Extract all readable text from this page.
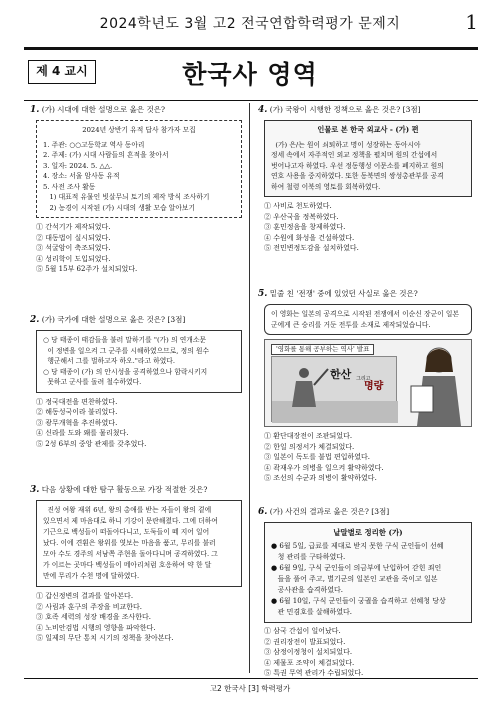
2024학년도 3월 고2 전국연합학력평가 문제지	1
제 4 교시	한국사 영역
1. (가) 시대에 대한 설명으로 옳은 것은?
2024년 상반기 유적 답사 참가자 모집
1. 주관: ○○고등학교 역사 동아리
2. 주제: (가) 시대 사람들의 흔적을 찾아서
3. 일자: 2024. 5. △△.
4. 장소: 서울 암사동 유적
5. 사전 조사 활동
1) 대표적 유물인 빗살무늬 토기의 제작 방식 조사하기
2) 농경이 시작된 (가) 시대의 생활 모습 알아보기
① 간석기가 제작되었다.
② 대동법이 실시되었다.
③ 석굴암이 축조되었다.
④ 성리학이 도입되었다.
⑤ 5월 15부 62주가 설치되었다.
2. (가) 국가에 대한 설명으로 옳은 것은? [3점]
○ 당 태종이 태감들을 불러 말하기를 "(가) 의 연개소문
이 정변을 일으켜 그 군주를 시해하였으므로, 정의 원수
행군해서 그를 벌하고자 하오."라고 하였다.
○ 당 태종이 (가) 의 안시성을 공격하였으나 함락시키지
못하고 군사를 돌려 철수하였다.
① 정국대전을 편찬하였다.
② 해동성국이라 불리었다.
③ 광무개혁을 추진하였다.
④ 신라를 도와 왜를 물리쳤다.
⑤ 2성 6부의 중앙 관제를 갖추었다.
3. 다음 상황에 대한 탐구 활동으로 가장 적절한 것은?
진성 여왕 재위 6년, 왕의 총애를 받는 자들이 왕의 곁에
있으면서 제 마음대로 하니 기강이 문란해졌다. 그에 더하여
기근으로 백성들이 떠돌아다니고, 도둑들이 떼 지어 일어
났다. 이에 견훤은 왕위를 엿보는 마음을 품고, 무리를 불러
모아 수도 경주의 서남쪽 주현을 돌아다니며 공격하였다. 그
가 이르는 곳마다 백성들이 메아리처럼 호응하여 약 한 달
만에 무리가 수천 명에 달하였다.
① 갑신정변의 결과를 알아본다.
② 사림과 훈구의 주장을 비교한다.
③ 호족 세력의 성장 배경을 조사한다.
④ 노비안검법 시행의 영향을 파악한다.
⑤ 일제의 무단 통치 시기의 정책을 찾아본다.
4. (가) 국왕이 시행한 정책으로 옳은 것은? [3점]
인물로 본 한국 외교사 - (가) 편
(가) 은/는 원이 쇠퇴하고 명이 성장하는 동아시아
정세 속에서 자주적인 외교 정책을 펼치며 원의 간섭에서
벗어나고자 하였다. 우선 정동행성 이문소를 폐지하고 원의
연호 사용을 중지하였다. 또한 동북면의 쌍성총관부를 공격
하여 철령 이북의 영토를 회복하였다.
① 사비로 천도하였다.
② 우산국을 정복하였다.
③ 훈민정음을 창제하였다.
④ 수원에 화성을 건설하였다.
⑤ 전민변정도감을 설치하였다.
5. 밑줄 친 '전쟁' 중에 있었던 사실로 옳은 것은?
이 영화는 일본의 공격으로 시작된 전쟁에서 이순신 장군이 일본군에게 큰 승리를 거둔 전투를 소재로 제작되었습니다.
'영화를 통해 공부하는 역사' 발표
한산 그리고
명량
① 환단대장전이 조판되었다.
② 한일 의정서가 체결되었다.
③ 일본이 독도를 불법 편입하였다.
④ 곽재우가 의병을 일으켜 활약하였다.
⑤ 조선의 수군과 의병이 활약하였다.
6. (가) 사건의 결과로 옳은 것은? [3점]
낱말별로 정리한 (가)
● 6월 5일, 급료를 제대로 받지 못한 구식 군인들이 선혜
청 관리를 구타하였다.
● 6월 9일, 구식 군인들이 의금부에 난입하여 갇힌 죄인
들을 풀어 주고, 별기군의 일본인 교관을 죽이고 일본
공사관을 습격하였다.
● 6월 10일, 구식 군인들이 궁궐을 습격하고 선혜청 당상
관 민겸호를 살해하였다.
① 삼국 간섭이 일어났다.
② 권리장전이 발표되었다.
③ 삼정이정청이 설치되었다.
④ 제물포 조약이 체결되었다.
⑤ 특권 무역 관리가 수립되었다.
고2 한국사 [3] 학력평가
